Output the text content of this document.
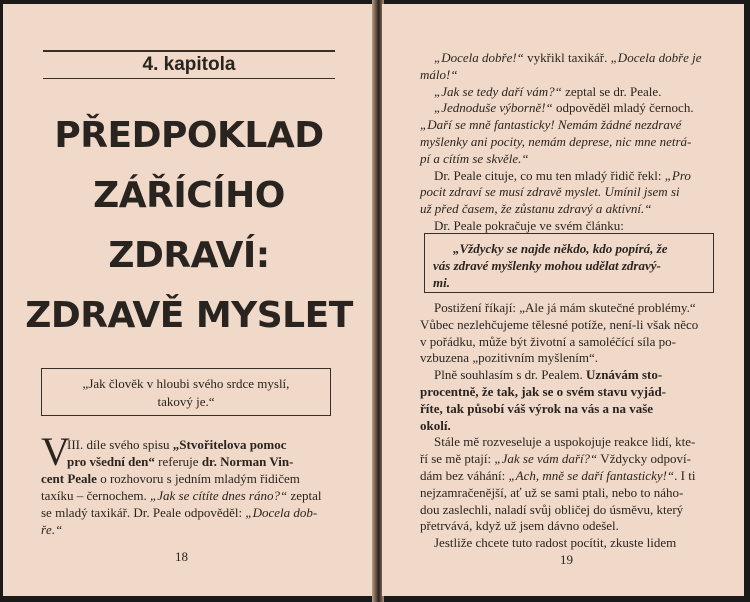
4. kapitola
PŘEDPOKLAD
ZÁŘÍCÍHO
ZDRAVÍ:
ZDRAVĚ MYSLET
„Jak člověk v hloubi svého srdce myslí,
takový je.“
V
III. díle svého spisu „Stvořitelova pomoc
pro všední den“ referuje dr. Norman Vin-
cent Peale o rozhovoru s jedním mladým řidičem
taxíku – černochem. „Jak se cítíte dnes ráno?“ zeptal
se mladý taxikář. Dr. Peale odpověděl: „Docela dob-
ře.“
18
„Docela dobře!“ vykřikl taxikář. „Docela dobře je
málo!“
„Jak se tedy daří vám?“ zeptal se dr. Peale.
„Jednoduše výborně!“ odpověděl mladý černoch.
„Daří se mně fantasticky! Nemám žádné nezdravé
myšlenky ani pocity, nemám deprese, nic mne netrá-
pí a cítím se skvěle.“
Dr. Peale cituje, co mu ten mladý řidič řekl: „Pro
pocit zdraví se musí zdravě myslet. Umínil jsem si
už před časem, že zůstanu zdravý a aktivní.“
Dr. Peale pokračuje ve svém článku:
„Vždycky se najde někdo, kdo popírá, že
vás zdravé myšlenky mohou udělat zdravý-
mi.
Postižení říkají: „Ale já mám skutečné problémy.“
Vůbec nezlehčujeme tělesné potíže, není-li však něco
v pořádku, může být životní a samoléčící síla po-
vzbuzena „pozitivním myšlením“.
Plně souhlasím s dr. Pealem. Uznávám sto-
procentně, že tak, jak se o svém stavu vyjád-
říte, tak působí váš výrok na vás a na vaše
okolí.
Stále mě rozveseluje a uspokojuje reakce lidí, kte-
ří se mě ptají: „Jak se vám daří?“ Vždycky odpoví-
dám bez váhání: „Ach, mně se daří fantasticky!“. I ti
nejzamračenější, ať už se sami ptali, nebo to náho-
dou zaslechli, naladí svůj obličej do úsměvu, který
přetrvává, když už jsem dávno odešel.
Jestliže chcete tuto radost pocítit, zkuste lidem
19
